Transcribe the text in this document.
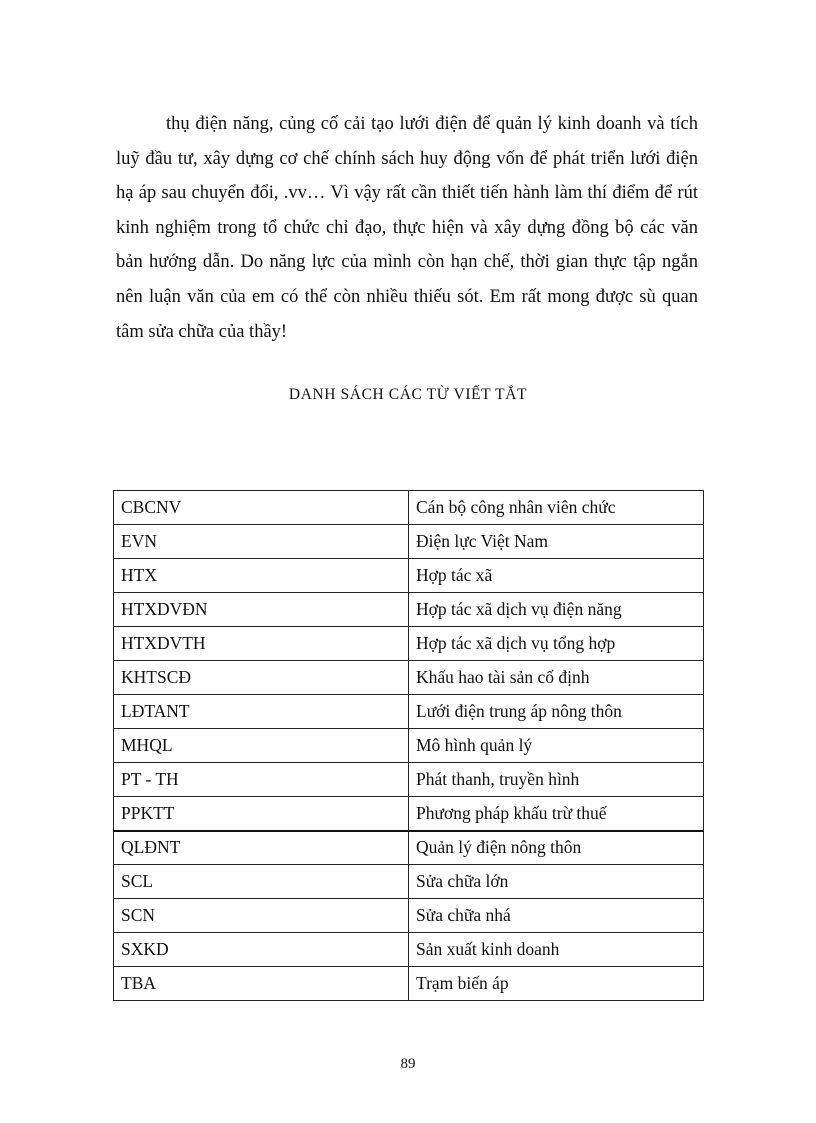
thụ điện năng, củng cố cải tạo lưới điện để quản lý kinh doanh và tích luỹ đầu tư, xây dựng cơ chế chính sách huy động vốn để phát triển lưới điện hạ áp sau chuyển đổi, .vv… Vì vậy rất cần thiết tiến hành làm thí điểm để rút kinh nghiệm trong tổ chức chỉ đạo, thực hiện và xây dựng đồng bộ các văn bản hướng dẫn. Do năng lực của mình còn hạn chế, thời gian thực tập ngắn nên luận văn của em có thể còn nhiều thiếu sót. Em rất mong được sù quan tâm sửa chữa của thầy!

DANH SÁCH CÁC TỪ VIẾT TẮT
CBCNV	Cán bộ công nhân viên chức
EVN	Điện lực Việt Nam
HTX	Hợp tác xã
HTXDVĐN	Hợp tác xã dịch vụ điện năng
HTXDVTH	Hợp tác xã dịch vụ tổng hợp
KHTSCĐ	Khấu hao tài sản cố định
LĐTANT	Lưới điện trung áp nông thôn
MHQL	Mô hình quản lý
PT - TH	Phát thanh, truyền hình
PPKTT	Phương pháp khấu trừ thuế
QLĐNT	Quản lý điện nông thôn
SCL	Sửa chữa lớn
SCN	Sửa chữa nhá
SXKD	Sản xuất kinh doanh
TBA	Trạm biến áp

89
